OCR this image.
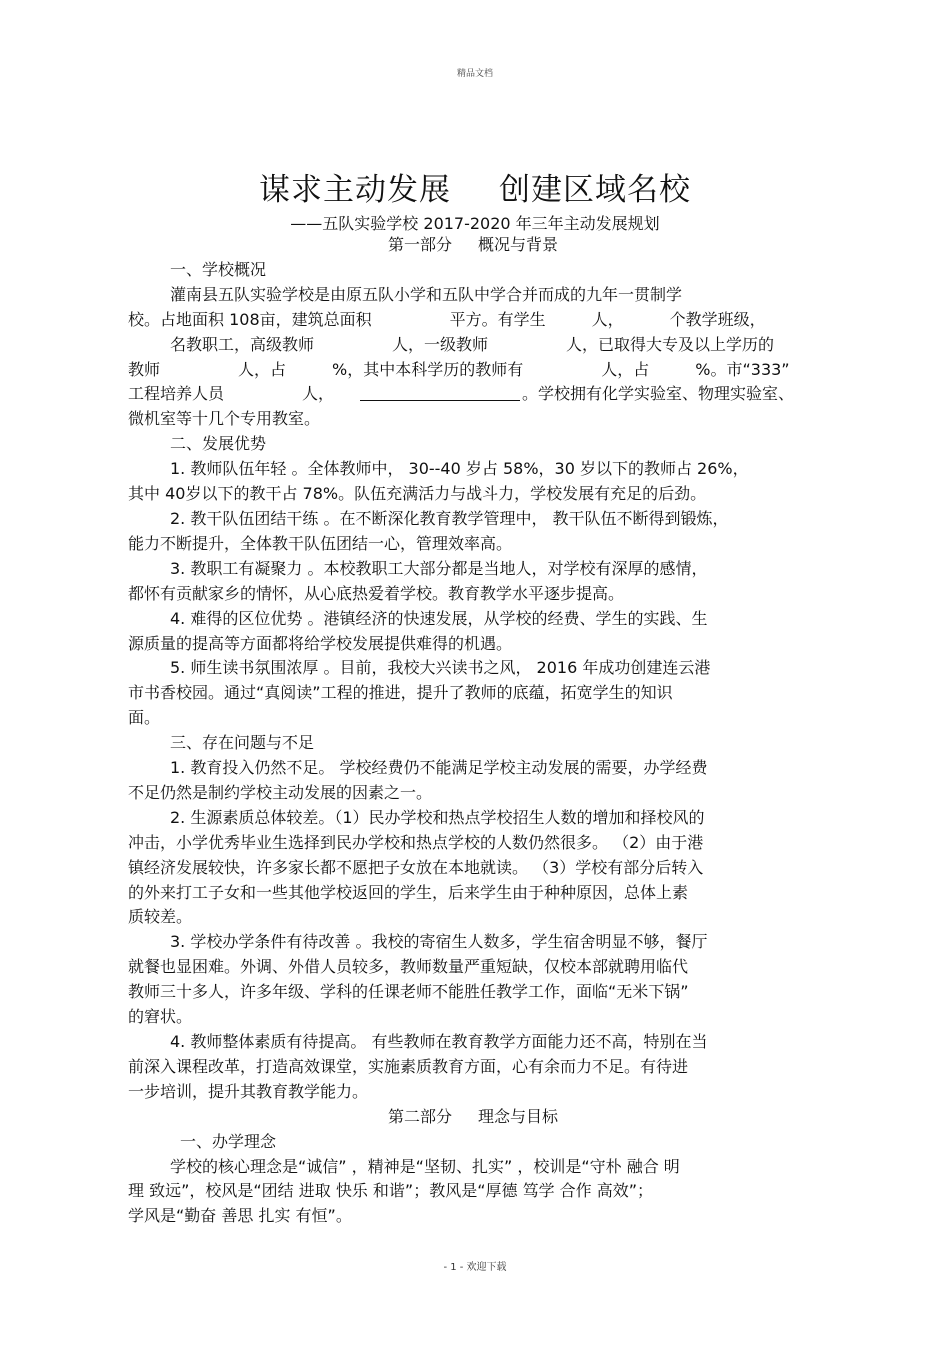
精品文档
谋求主动发展 创建区域名校
——五队实验学校 2017-2020 年三年主动发展规划

第一部分 概况与背景

一、学校概况

灌南县五队实验学校是由原五队小学和五队中学合并而成的九年一贯制学

校。占地面积 108亩，建筑总面积	平方。有学生	人，	个教学班级，

名教职工，高级教师	人，一级教师	人，已取得大专及以上学历的

教师	人，占	%，其中本科学历的教师有	人，占	%。市“333”

工程培养人员	人，	。学校拥有化学实验室、物理实验室、

微机室等十几个专用教室。

二、发展优势

1. 教师队伍年轻 。全体教师中， 30--40 岁占 58%，30 岁以下的教师占 26%，

其中 40岁以下的教干占 78%。队伍充满活力与战斗力，学校发展有充足的后劲。

2. 教干队伍团结干练 。在不断深化教育教学管理中， 教干队伍不断得到锻炼，

能力不断提升，全体教干队伍团结一心，管理效率高。

3. 教职工有凝聚力 。本校教职工大部分都是当地人，对学校有深厚的感情，

都怀有贡献家乡的情怀，从心底热爱着学校。教育教学水平逐步提高。

4. 难得的区位优势 。港镇经济的快速发展，从学校的经费、学生的实践、生

源质量的提高等方面都将给学校发展提供难得的机遇。

5. 师生读书氛围浓厚 。目前，我校大兴读书之风， 2016 年成功创建连云港

市书香校园。通过“真阅读”工程的推进，提升了教师的底蕴，拓宽学生的知识

面。

三、存在问题与不足

1. 教育投入仍然不足。 学校经费仍不能满足学校主动发展的需要，办学经费

不足仍然是制约学校主动发展的因素之一。

2. 生源素质总体较差。（1）民办学校和热点学校招生人数的增加和择校风的

冲击，小学优秀毕业生选择到民办学校和热点学校的人数仍然很多。 （2）由于港

镇经济发展较快，许多家长都不愿把子女放在本地就读。 （3）学校有部分后转入

的外来打工子女和一些其他学校返回的学生，后来学生由于种种原因，总体上素

质较差。

3. 学校办学条件有待改善 。我校的寄宿生人数多，学生宿舍明显不够，餐厅

就餐也显困难。外调、外借人员较多，教师数量严重短缺，仅校本部就聘用临代

教师三十多人，许多年级、学科的任课老师不能胜任教学工作，面临“无米下锅”

的窘状。

4. 教师整体素质有待提高。 有些教师在教育教学方面能力还不高，特别在当

前深入课程改革，打造高效课堂，实施素质教育方面，心有余而力不足。有待进

一步培训，提升其教育教学能力。

第二部分 理念与目标

一、办学理念

学校的核心理念是“诚信” ，精神是“坚韧、扎实” ，校训是“守朴 融合 明

理 致远”，校风是“团结 进取 快乐 和谐”；教风是“厚德 笃学 合作 高效”；

学风是“勤奋 善思 扎实 有恒”。

- 1 - 欢迎下载
